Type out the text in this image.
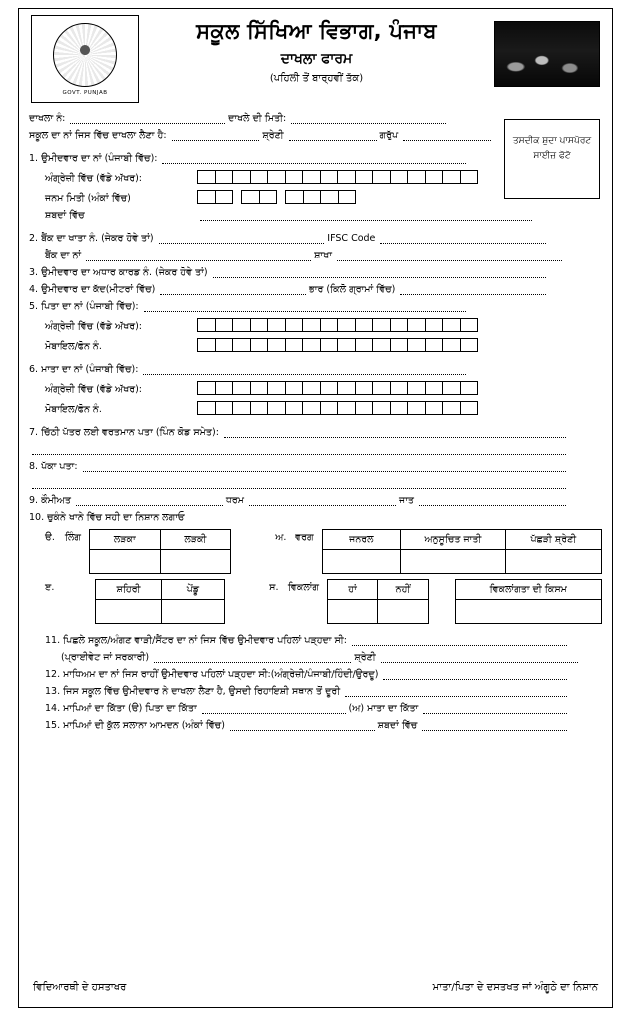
GOVT. PUNJAB
ਸਕੂਲ ਸਿੱਖਿਆ ਵਿਭਾਗ, ਪੰਜਾਬ
ਦਾਖਲਾ ਫਾਰਮ
(ਪਹਿਲੀ ਤੋਂ ਬਾਰ੍ਹਵੀਂ ਤੱਕ)
ਤਸਦੀਕ ਸ਼ੁਦਾ ਪਾਸਪੋਰਟ ਸਾਈਜ਼ ਫੋਟੋ
ਦਾਖਲਾ ਨੰ:	ਦਾਖਲੇ ਦੀ ਮਿਤੀ:
ਸਕੂਲ ਦਾ ਨਾਂ ਜਿਸ ਵਿੱਚ ਦਾਖਲਾ ਲੈਣਾ ਹੈ:	ਸ਼੍ਰੇਣੀ	ਗਰੁੱਪ
1. ਉਮੀਦਵਾਰ ਦਾ ਨਾਂ (ਪੰਜਾਬੀ ਵਿੱਚ):
ਅੰਗ੍ਰੇਜ਼ੀ ਵਿੱਚ (ਵੱਡੇ ਅੱਖਰ):
ਜਨਮ ਮਿਤੀ (ਅੰਕਾਂ ਵਿੱਚ)
ਸ਼ਬਦਾਂ ਵਿੱਚ
2. ਬੈਂਕ ਦਾ ਖਾਤਾ ਨੰ. (ਜੇਕਰ ਹੋਵੇ ਤਾਂ)	IFSC Code
ਬੈਂਕ ਦਾ ਨਾਂ	ਸ਼ਾਖਾ
3. ਉਮੀਦਵਾਰ ਦਾ ਅਧਾਰ ਕਾਰਡ ਨੰ. (ਜੇਕਰ ਹੋਵੇ ਤਾਂ)
4. ਉਮੀਦਵਾਰ ਦਾ ਕੱਦ(ਮੀਟਰਾਂ ਵਿੱਚ)	ਭਾਰ (ਕਿਲੋ ਗ੍ਰਾਮਾਂ ਵਿੱਚ)
5. ਪਿਤਾ ਦਾ ਨਾਂ (ਪੰਜਾਬੀ ਵਿੱਚ):
ਅੰਗ੍ਰੇਜ਼ੀ ਵਿੱਚ (ਵੱਡੇ ਅੱਖਰ):
ਮੋਬਾਇਲ/ਫੋਨ ਨੰ.
6. ਮਾਤਾ ਦਾ ਨਾਂ (ਪੰਜਾਬੀ ਵਿੱਚ):
ਅੰਗ੍ਰੇਜ਼ੀ ਵਿੱਚ (ਵੱਡੇ ਅੱਖਰ):
ਮੋਬਾਇਲ/ਫੋਨ ਨੰ.
7. ਚਿੱਠੀ ਪੱਤਰ ਲਈ ਵਰਤਮਾਨ ਪਤਾ (ਪਿੰਨ ਕੋਡ ਸਮੇਤ):
8. ਪੱਕਾ ਪਤਾ:
9. ਕੌਮੀਅਤ	ਧਰਮ	ਜਾਤ
10. ਚੁਕੰਨੇ ਖਾਨੇ ਵਿੱਚ ਸਹੀ ਦਾ ਨਿਸ਼ਾਨ ਲਗਾਓ
ੳ.	ਲਿੰਗ	ਲੜਕਾ	ਲੜਕੀ
		ਅ. ਵਰਗ	ਜਨਰਲ	ਅਨੁਸੂਚਿਤ ਜਾਤੀ	ਪੱਛੜੀ ਸ਼੍ਰੇਣੀ

ੲ.	ਸ਼ਹਿਰੀ	ਪੇਂਡੂ
		ਸ. ਵਿਕਲਾਂਗ	ਹਾਂ	ਨਹੀਂ		ਵਿਕਲਾਂਗਤਾ ਦੀ ਕਿਸਮ

11. ਪਿਛਲੇ ਸਕੂਲ/ਅੰਗਣ ਵਾੜੀ/ਸੈਂਟਰ ਦਾ ਨਾਂ ਜਿਸ ਵਿੱਚ ਉਮੀਦਵਾਰ ਪਹਿਲਾਂ ਪੜ੍ਹਦਾ ਸੀ:
(ਪ੍ਰਾਈਵੇਟ ਜਾਂ ਸਰਕਾਰੀ)	ਸ਼੍ਰੇਣੀ
12. ਮਾਧਿਅਮ ਦਾ ਨਾਂ ਜਿਸ ਰਾਹੀਂ ਉਮੀਦਵਾਰ ਪਹਿਲਾਂ ਪੜ੍ਹਦਾ ਸੀ:(ਅੰਗ੍ਰੇਜ਼ੀ/ਪੰਜਾਬੀ/ਹਿੰਦੀ/ਉਰਦੂ)
13. ਜਿਸ ਸਕੂਲ ਵਿੱਚ ਉਮੀਦਵਾਰ ਨੇ ਦਾਖਲਾ ਲੈਣਾ ਹੈ, ਉਸਦੀ ਰਿਹਾਇਸ਼ੀ ਸਥਾਨ ਤੋਂ ਦੂਰੀ
14. ਮਾਪਿਆਂ ਦਾ ਕਿੱਤਾ (ੳ) ਪਿਤਾ ਦਾ ਕਿੱਤਾ	(ਅ) ਮਾਤਾ ਦਾ ਕਿੱਤਾ
15. ਮਾਪਿਆਂ ਦੀ ਕੁੱਲ ਸਲਾਨਾ ਆਮਦਨ (ਅੰਕਾਂ ਵਿੱਚ)	ਸ਼ਬਦਾਂ ਵਿੱਚ
ਵਿਦਿਆਰਥੀ ਦੇ ਹਸਤਾਖਰ	ਮਾਤਾ/ਪਿਤਾ ਦੇ ਦਸਤਖਤ ਜਾਂ ਅੰਗੂਠੇ ਦਾ ਨਿਸ਼ਾਨ
